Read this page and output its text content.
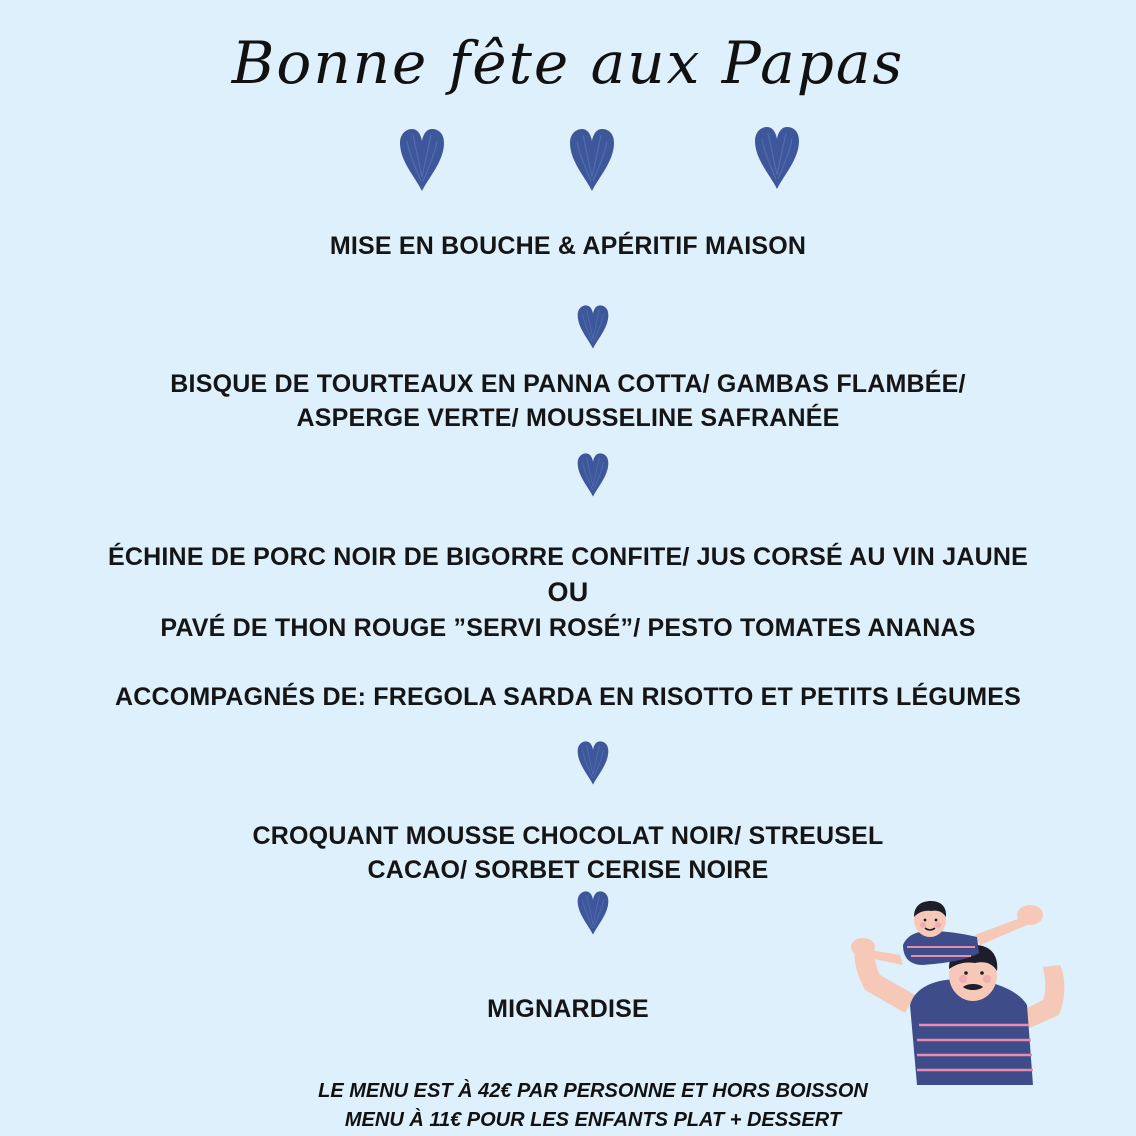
Bonne fête aux Papas
MISE EN BOUCHE & APÉRITIF MAISON
BISQUE DE TOURTEAUX EN PANNA COTTA/ GAMBAS FLAMBÉE/
ASPERGE VERTE/ MOUSSELINE SAFRANÉE
ÉCHINE DE PORC NOIR DE BIGORRE CONFITE/ JUS CORSÉ AU VIN JAUNE
OU
PAVÉ DE THON ROUGE ”SERVI ROSÉ”/ PESTO TOMATES ANANAS
ACCOMPAGNÉS DE: FREGOLA SARDA EN RISOTTO ET PETITS LÉGUMES
CROQUANT MOUSSE CHOCOLAT NOIR/ STREUSEL
CACAO/ SORBET CERISE NOIRE
MIGNARDISE
LE MENU EST À 42€ PAR PERSONNE ET HORS BOISSON
MENU À 11€ POUR LES ENFANTS PLAT + DESSERT
